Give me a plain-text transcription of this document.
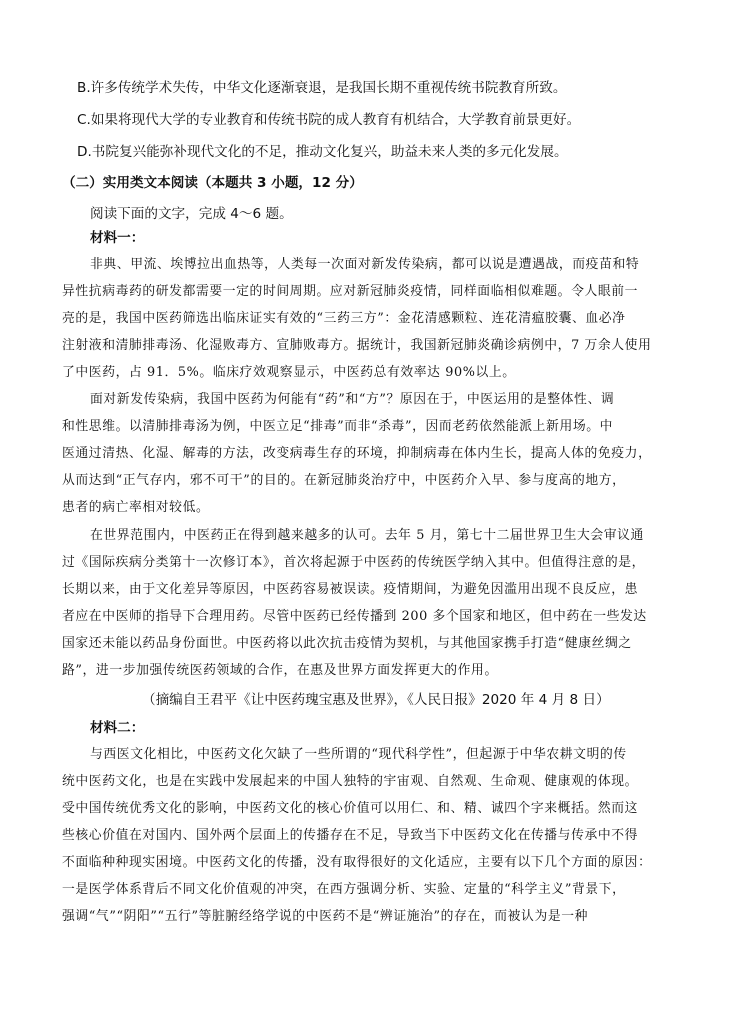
B.许多传统学术失传，中华文化逐渐衰退，是我国长期不重视传统书院教育所致。
C.如果将现代大学的专业教育和传统书院的成人教育有机结合，大学教育前景更好。
D.书院复兴能弥补现代文化的不足，推动文化复兴，助益未来人类的多元化发展。
（二）实用类文本阅读（本题共 3 小题，12 分）
阅读下面的文字，完成 4～6 题。
材料一：
非典、甲流、埃博拉出血热等，人类每一次面对新发传染病，都可以说是遭遇战，而疫苗和特
异性抗病毒药的研发都需要一定的时间周期。应对新冠肺炎疫情，同样面临相似难题。令人眼前一
亮的是，我国中医药筛选出临床证实有效的“三药三方”：金花清感颗粒、连花清瘟胶囊、血必净
注射液和清肺排毒汤、化湿败毒方、宣肺败毒方。据统计，我国新冠肺炎确诊病例中，7 万余人使用
了中医药，占 91．5%。临床疗效观察显示，中医药总有效率达 90%以上。
面对新发传染病，我国中医药为何能有“药”和“方”？原因在于，中医运用的是整体性、调
和性思维。以清肺排毒汤为例，中医立足“排毒”而非“杀毒”，因而老药依然能派上新用场。中
医通过清热、化湿、解毒的方法，改变病毒生存的环境，抑制病毒在体内生长，提高人体的免疫力，
从而达到“正气存内，邪不可干”的目的。在新冠肺炎治疗中，中医药介入早、参与度高的地方，
患者的病亡率相对较低。
在世界范围内，中医药正在得到越来越多的认可。去年 5 月，第七十二届世界卫生大会审议通
过《国际疾病分类第十一次修订本》，首次将起源于中医药的传统医学纳入其中。但值得注意的是，
长期以来，由于文化差异等原因，中医药容易被误读。疫情期间，为避免因滥用出现不良反应，患
者应在中医师的指导下合理用药。尽管中医药已经传播到 200 多个国家和地区，但中药在一些发达
国家还未能以药品身份面世。中医药将以此次抗击疫情为契机，与其他国家携手打造“健康丝绸之
路”，进一步加强传统医药领域的合作，在惠及世界方面发挥更大的作用。
（摘编自王君平《让中医药瑰宝惠及世界》，《人民日报》2020 年 4 月 8 日）
材料二：
与西医文化相比，中医药文化欠缺了一些所谓的“现代科学性”，但起源于中华农耕文明的传
统中医药文化，也是在实践中发展起来的中国人独特的宇宙观、自然观、生命观、健康观的体现。
受中国传统优秀文化的影响，中医药文化的核心价值可以用仁、和、精、诚四个字来概括。然而这
些核心价值在对国内、国外两个层面上的传播存在不足，导致当下中医药文化在传播与传承中不得
不面临种种现实困境。中医药文化的传播，没有取得很好的文化适应，主要有以下几个方面的原因：
一是医学体系背后不同文化价值观的冲突，在西方强调分析、实验、定量的“科学主义”背景下，
强调“气”“阴阳”“五行”等脏腑经络学说的中医药不是“辨证施治”的存在，而被认为是一种
